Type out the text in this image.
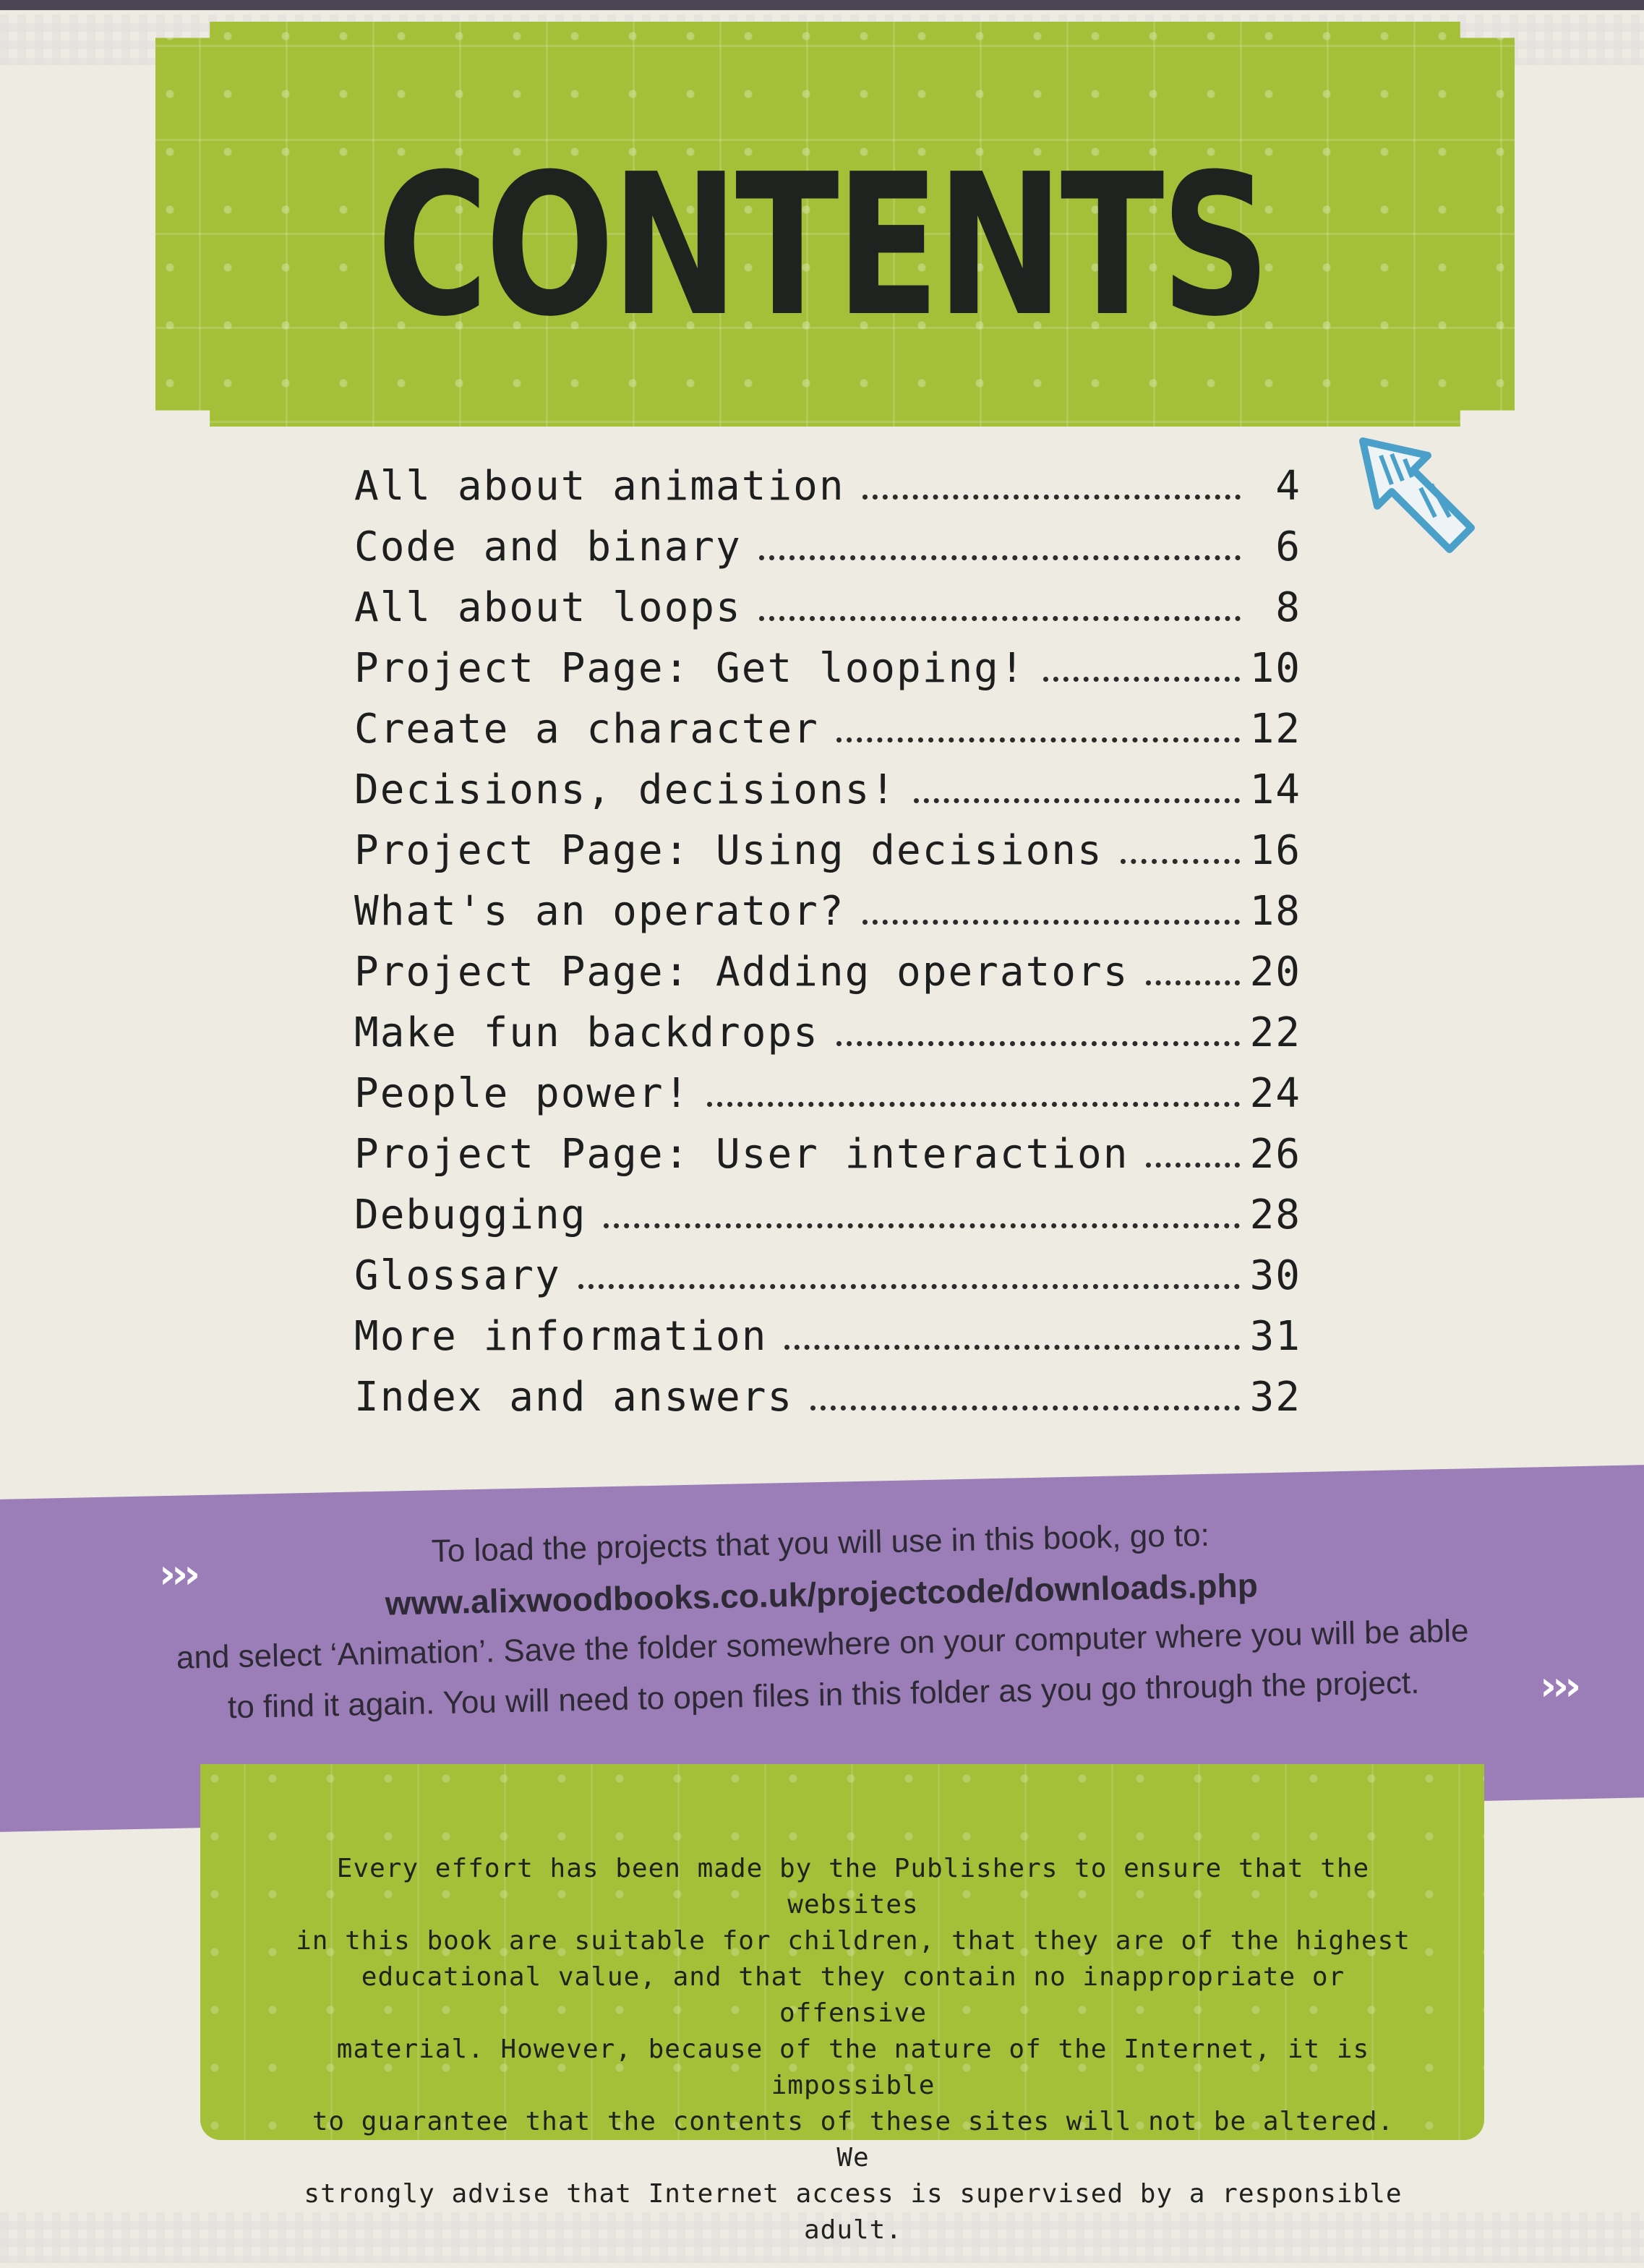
CONTENTS
All about animation	4
Code and binary	6
All about loops	8
Project Page: Get looping!	10
Create a character	12
Decisions, decisions!	14
Project Page: Using decisions	16
What's an operator?	18
Project Page: Adding operators	20
Make fun backdrops	22
People power!	24
Project Page: User interaction	26
Debugging	28
Glossary	30
More information	31
Index and answers	32
›››
›››
To load the projects that you will use in this book, go to:
www.alixwoodbooks.co.uk/projectcode/downloads.php
and select ‘Animation’. Save the folder somewhere on your computer where you will be able
to find it again. You will need to open files in this folder as you go through the project.
Every effort has been made by the Publishers to ensure that the websites
in this book are suitable for children, that they are of the highest
educational value, and that they contain no inappropriate or offensive
material. However, because of the nature of the Internet, it is impossible
to guarantee that the contents of these sites will not be altered. We
strongly advise that Internet access is supervised by a responsible adult.
